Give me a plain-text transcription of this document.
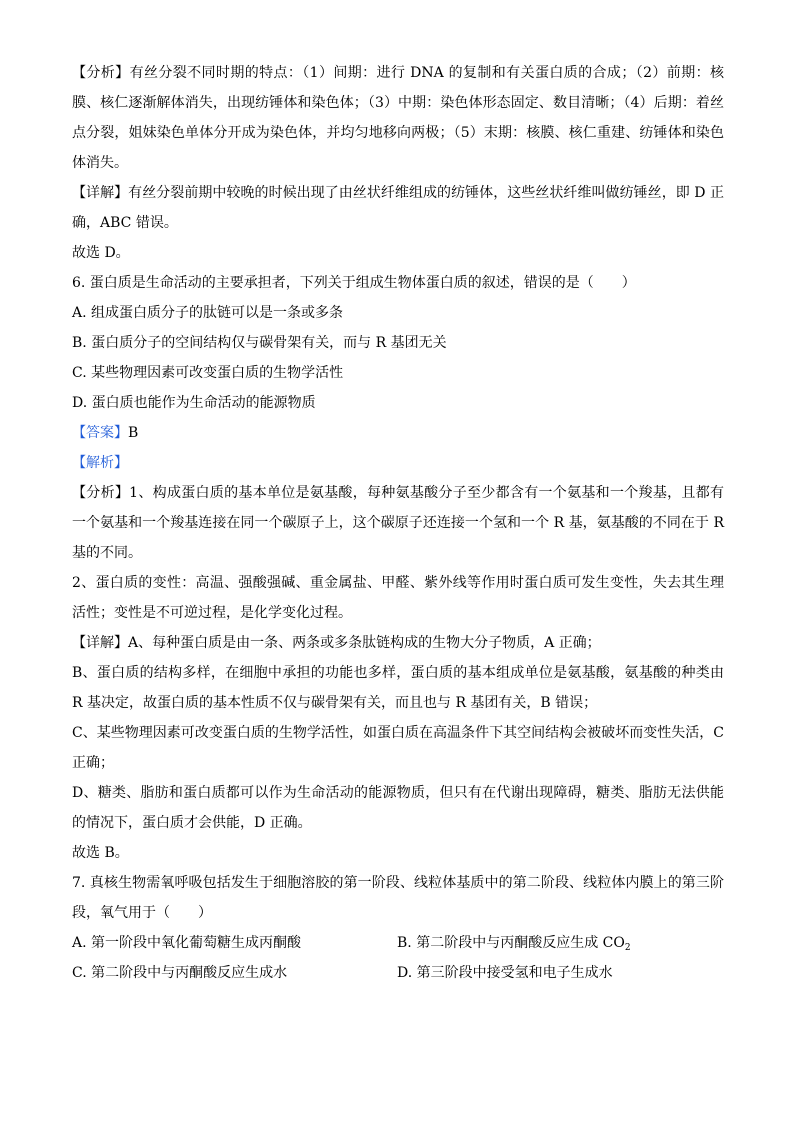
【分析】有丝分裂不同时期的特点：（1）间期：进行 DNA 的复制和有关蛋白质的合成；（2）前期：核膜、核仁逐渐解体消失，出现纺锤体和染色体；（3）中期：染色体形态固定、数目清晰；（4）后期：着丝点分裂，姐妹染色单体分开成为染色体，并均匀地移向两极；（5）末期：核膜、核仁重建、纺锤体和染色体消失。

【详解】有丝分裂前期中较晚的时候出现了由丝状纤维组成的纺锤体，这些丝状纤维叫做纺锤丝，即 D 正确，ABC 错误。

故选 D。

6. 蛋白质是生命活动的主要承担者，下列关于组成生物体蛋白质的叙述，错误的是（　　）

A. 组成蛋白质分子的肽链可以是一条或多条

B. 蛋白质分子的空间结构仅与碳骨架有关，而与 R 基团无关

C. 某些物理因素可改变蛋白质的生物学活性

D. 蛋白质也能作为生命活动的能源物质

【答案】B

【解析】

【分析】1、构成蛋白质的基本单位是氨基酸，每种氨基酸分子至少都含有一个氨基和一个羧基，且都有一个氨基和一个羧基连接在同一个碳原子上，这个碳原子还连接一个氢和一个 R 基，氨基酸的不同在于 R 基的不同。

2、蛋白质的变性：高温、强酸强碱、重金属盐、甲醛、紫外线等作用时蛋白质可发生变性，失去其生理活性；变性是不可逆过程，是化学变化过程。

【详解】A、每种蛋白质是由一条、两条或多条肽链构成的生物大分子物质，A 正确；

B、蛋白质的结构多样，在细胞中承担的功能也多样，蛋白质的基本组成单位是氨基酸，氨基酸的种类由 R 基决定，故蛋白质的基本性质不仅与碳骨架有关，而且也与 R 基团有关，B 错误；

C、某些物理因素可改变蛋白质的生物学活性，如蛋白质在高温条件下其空间结构会被破坏而变性失活，C 正确；

D、糖类、脂肪和蛋白质都可以作为生命活动的能源物质，但只有在代谢出现障碍，糖类、脂肪无法供能的情况下，蛋白质才会供能，D 正确。

故选 B。

7. 真核生物需氧呼吸包括发生于细胞溶胶的第一阶段、线粒体基质中的第二阶段、线粒体内膜上的第三阶段，氧气用于（　　）

A. 第一阶段中氧化葡萄糖生成丙酮酸	B. 第二阶段中与丙酮酸反应生成 $CO_2$

C. 第二阶段中与丙酮酸反应生成水	D. 第三阶段中接受氢和电子生成水
